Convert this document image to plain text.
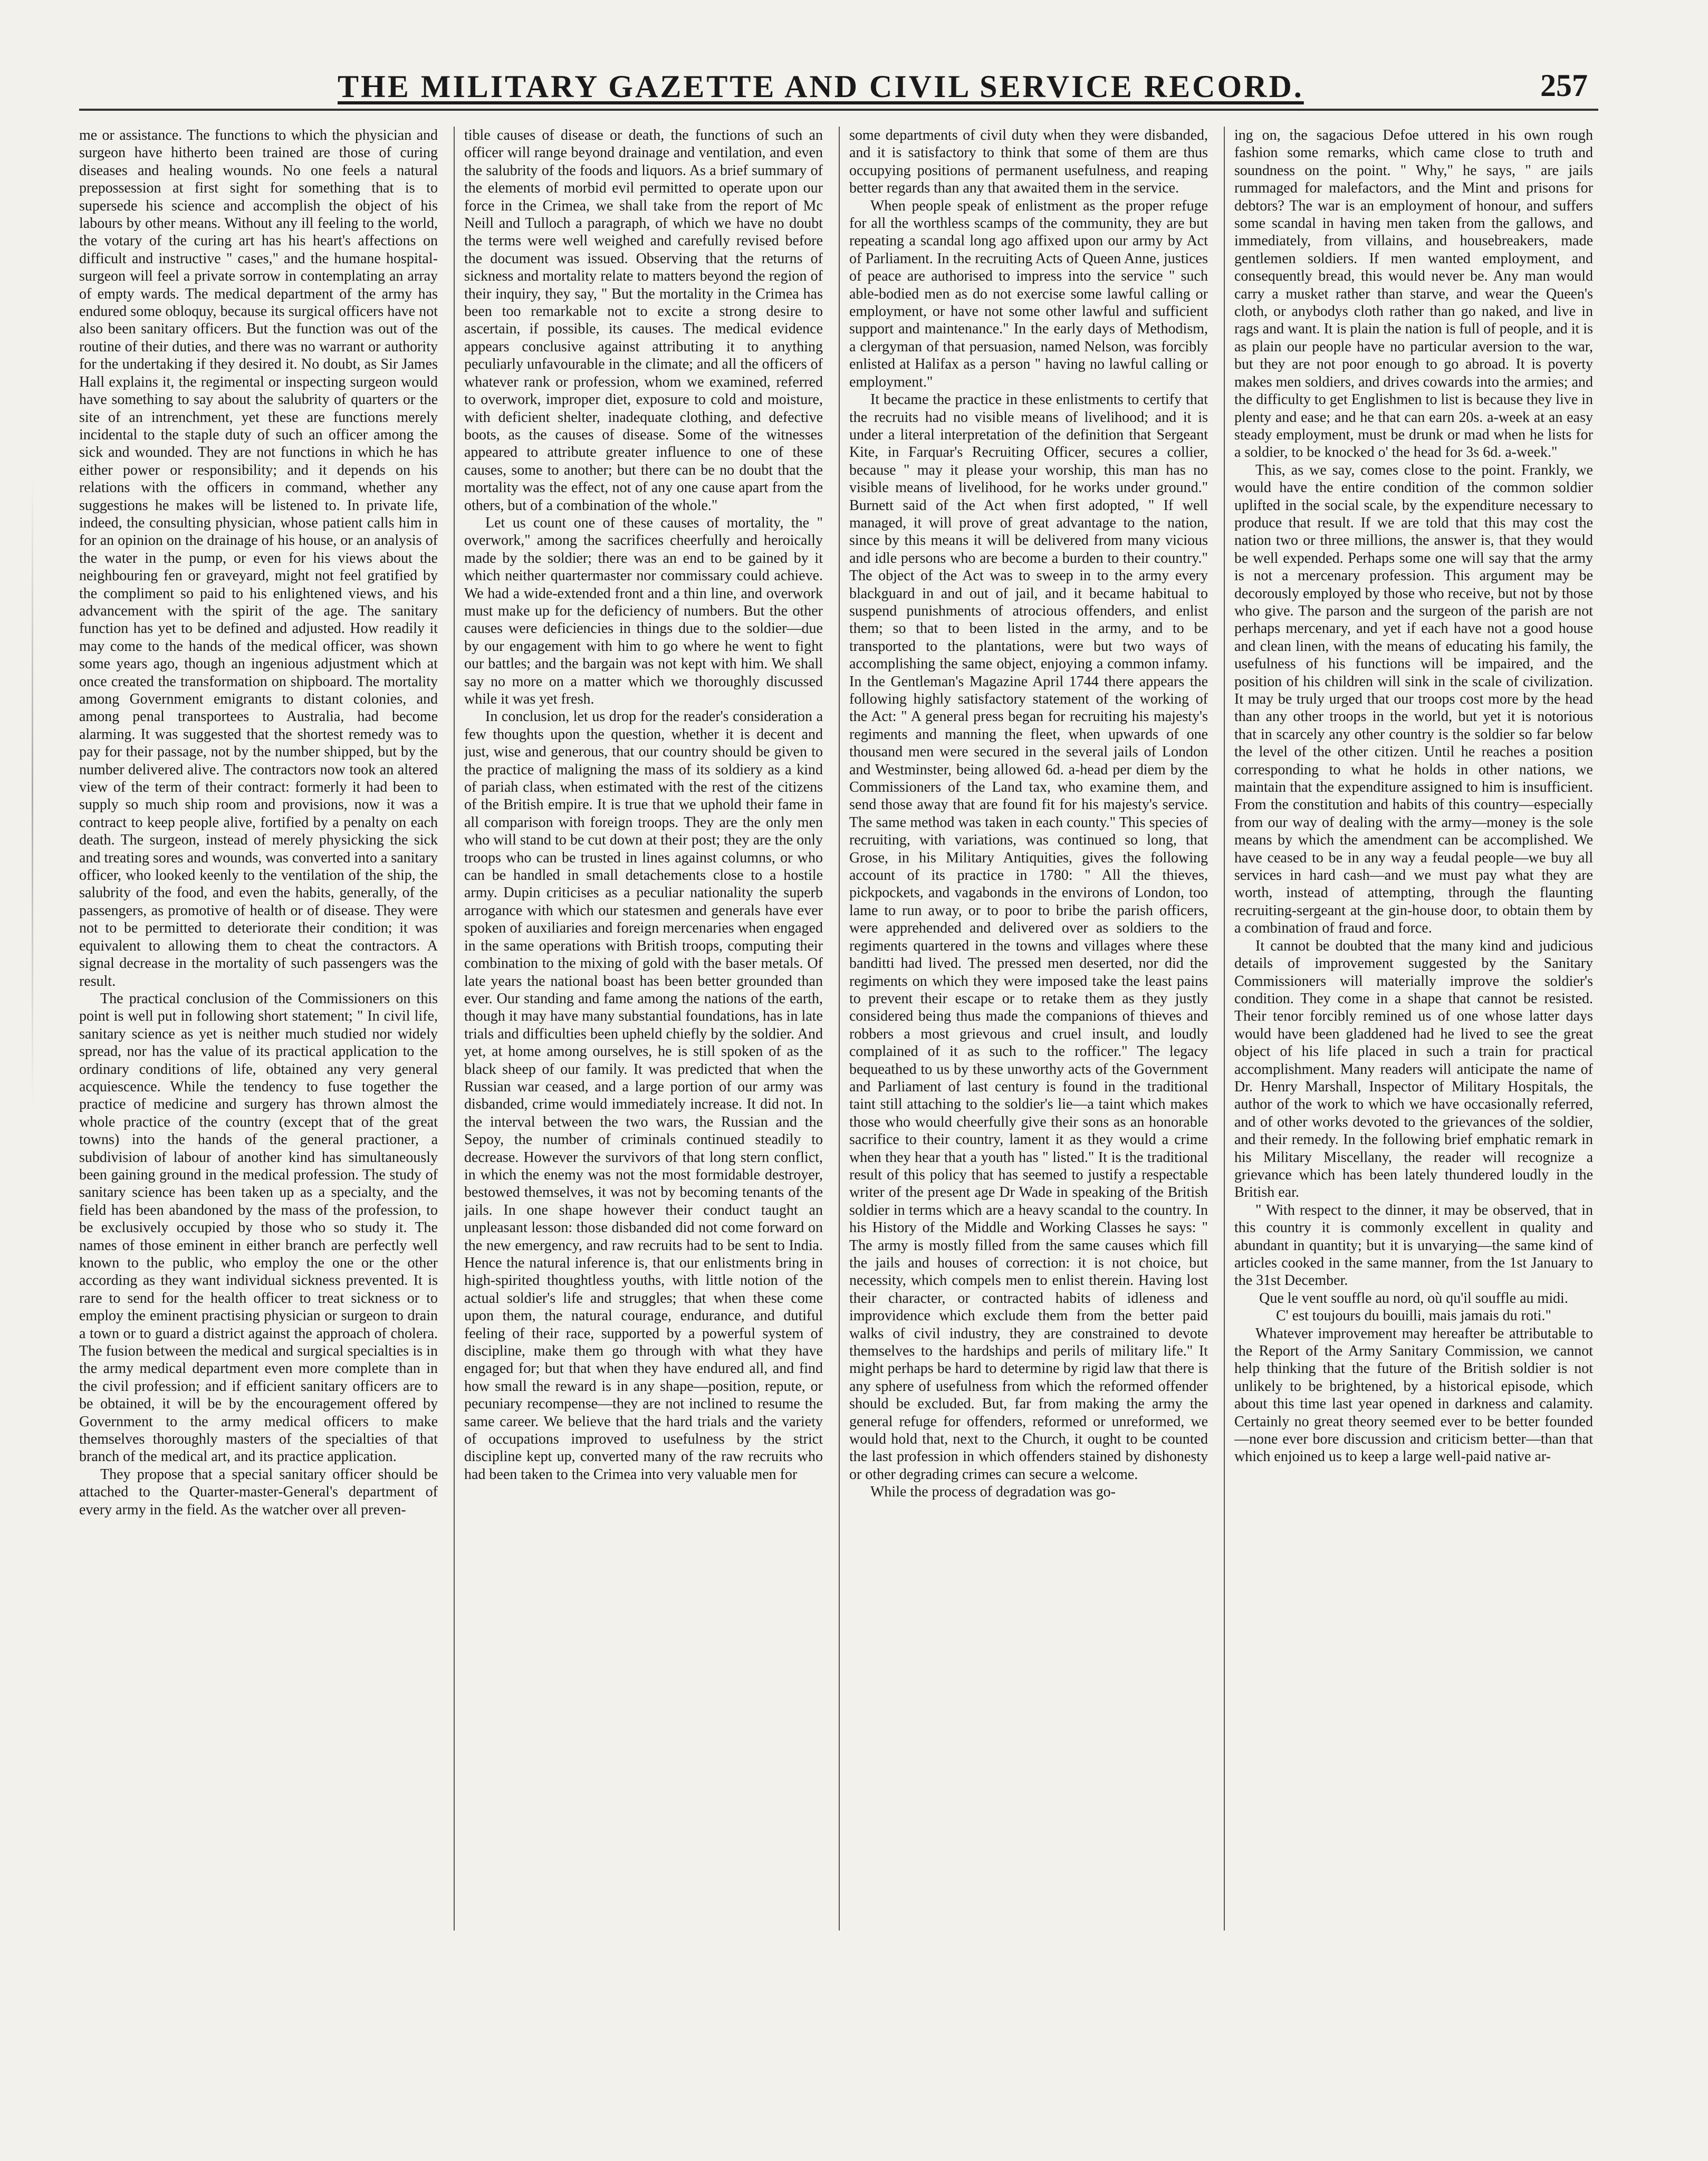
THE MILITARY GAZETTE AND CIVIL SERVICE RECORD.	257

me or assistance. The functions to which the physician and surgeon have hitherto been trained are those of curing diseases and healing wounds. No one feels a natural prepossession at first sight for something that is to supersede his science and accomplish the object of his labours by other means. Without any ill feeling to the world, the votary of the curing art has his heart's affections on difficult and instructive " cases," and the humane hospital-surgeon will feel a private sorrow in contemplating an array of empty wards. The medical department of the army has endured some obloquy, because its surgical officers have not also been sanitary officers. But the function was out of the routine of their duties, and there was no warrant or authority for the undertaking if they desired it. No doubt, as Sir James Hall explains it, the regimental or inspecting surgeon would have something to say about the salubrity of quarters or the site of an intrenchment, yet these are functions merely incidental to the staple duty of such an officer among the sick and wounded. They are not functions in which he has either power or responsibility; and it depends on his relations with the officers in command, whether any suggestions he makes will be listened to. In private life, indeed, the consulting physician, whose patient calls him in for an opinion on the drainage of his house, or an analysis of the water in the pump, or even for his views about the neighbouring fen or graveyard, might not feel gratified by the compliment so paid to his enlightened views, and his advancement with the spirit of the age. The sanitary function has yet to be defined and adjusted. How readily it may come to the hands of the medical officer, was shown some years ago, though an ingenious adjustment which at once created the transformation on shipboard. The mortality among Government emigrants to distant colonies, and among penal transportees to Australia, had become alarming. It was suggested that the shortest remedy was to pay for their passage, not by the number shipped, but by the number delivered alive. The contractors now took an altered view of the term of their contract: formerly it had been to supply so much ship room and provisions, now it was a contract to keep people alive, fortified by a penalty on each death. The surgeon, instead of merely physicking the sick and treating sores and wounds, was converted into a sanitary officer, who looked keenly to the ventilation of the ship, the salubrity of the food, and even the habits, generally, of the passengers, as promotive of health or of disease. They were not to be permitted to deteriorate their condition; it was equivalent to allowing them to cheat the contractors. A signal decrease in the mortality of such passengers was the result.

The practical conclusion of the Commissioners on this point is well put in following short statement; " In civil life, sanitary science as yet is neither much studied nor widely spread, nor has the value of its practical application to the ordinary conditions of life, obtained any very general acquiescence. While the tendency to fuse together the practice of medicine and surgery has thrown almost the whole practice of the country (except that of the great towns) into the hands of the general practioner, a subdivision of labour of another kind has simultaneously been gaining ground in the medical profession. The study of sanitary science has been taken up as a specialty, and the field has been abandoned by the mass of the profession, to be exclusively occupied by those who so study it. The names of those eminent in either branch are perfectly well known to the public, who employ the one or the other according as they want individual sickness prevented. It is rare to send for the health officer to treat sickness or to employ the eminent practising physician or surgeon to drain a town or to guard a district against the approach of cholera. The fusion between the medical and surgical specialties is in the army medical department even more complete than in the civil profession; and if efficient sanitary officers are to be obtained, it will be by the encouragement offered by Government to the army medical officers to make themselves thoroughly masters of the specialties of that branch of the medical art, and its practice application.

They propose that a special sanitary officer should be attached to the Quarter-master-General's department of every army in the field. As the watcher over all preven-

tible causes of disease or death, the functions of such an officer will range beyond drainage and ventilation, and even the salubrity of the foods and liquors. As a brief summary of the elements of morbid evil permitted to operate upon our force in the Crimea, we shall take from the report of Mc Neill and Tulloch a paragraph, of which we have no doubt the terms were well weighed and carefully revised before the document was issued. Observing that the returns of sickness and mortality relate to matters beyond the region of their inquiry, they say, " But the mortality in the Crimea has been too remarkable not to excite a strong desire to ascertain, if possible, its causes. The medical evidence appears conclusive against attributing it to anything peculiarly unfavourable in the climate; and all the officers of whatever rank or profession, whom we examined, referred to overwork, improper diet, exposure to cold and moisture, with deficient shelter, inadequate clothing, and defective boots, as the causes of disease. Some of the witnesses appeared to attribute greater influence to one of these causes, some to another; but there can be no doubt that the mortality was the effect, not of any one cause apart from the others, but of a combination of the whole."

Let us count one of these causes of mortality, the " overwork," among the sacrifices cheerfully and heroically made by the soldier; there was an end to be gained by it which neither quartermaster nor commissary could achieve. We had a wide-extended front and a thin line, and overwork must make up for the deficiency of numbers. But the other causes were deficiencies in things due to the soldier—due by our engagement with him to go where he went to fight our battles; and the bargain was not kept with him. We shall say no more on a matter which we thoroughly discussed while it was yet fresh.

In conclusion, let us drop for the reader's consideration a few thoughts upon the question, whether it is decent and just, wise and generous, that our country should be given to the practice of maligning the mass of its soldiery as a kind of pariah class, when estimated with the rest of the citizens of the British empire. It is true that we uphold their fame in all comparison with foreign troops. They are the only men who will stand to be cut down at their post; they are the only troops who can be trusted in lines against columns, or who can be handled in small detachements close to a hostile army. Dupin criticises as a peculiar nationality the superb arrogance with which our statesmen and generals have ever spoken of auxiliaries and foreign mercenaries when engaged in the same operations with British troops, computing their combination to the mixing of gold with the baser metals. Of late years the national boast has been better grounded than ever. Our standing and fame among the nations of the earth, though it may have many substantial foundations, has in late trials and difficulties been upheld chiefly by the soldier. And yet, at home among ourselves, he is still spoken of as the black sheep of our family. It was predicted that when the Russian war ceased, and a large portion of our army was disbanded, crime would immediately increase. It did not. In the interval between the two wars, the Russian and the Sepoy, the number of criminals continued steadily to decrease. However the survivors of that long stern conflict, in which the enemy was not the most formidable destroyer, bestowed themselves, it was not by becoming tenants of the jails. In one shape however their conduct taught an unpleasant lesson: those disbanded did not come forward on the new emergency, and raw recruits had to be sent to India. Hence the natural inference is, that our enlistments bring in high-spirited thoughtless youths, with little notion of the actual soldier's life and struggles; that when these come upon them, the natural courage, endurance, and dutiful feeling of their race, supported by a powerful system of discipline, make them go through with what they have engaged for; but that when they have endured all, and find how small the reward is in any shape—position, repute, or pecuniary recompense—they are not inclined to resume the same career. We believe that the hard trials and the variety of occupations improved to usefulness by the strict discipline kept up, converted many of the raw recruits who had been taken to the Crimea into very valuable men for

some departments of civil duty when they were disbanded, and it is satisfactory to think that some of them are thus occupying positions of permanent usefulness, and reaping better regards than any that awaited them in the service.

When people speak of enlistment as the proper refuge for all the worthless scamps of the community, they are but repeating a scandal long ago affixed upon our army by Act of Parliament. In the recruiting Acts of Queen Anne, justices of peace are authorised to impress into the service " such able-bodied men as do not exercise some lawful calling or employment, or have not some other lawful and sufficient support and maintenance." In the early days of Methodism, a clergyman of that persuasion, named Nelson, was forcibly enlisted at Halifax as a person " having no lawful calling or employment."

It became the practice in these enlistments to certify that the recruits had no visible means of livelihood; and it is under a literal interpretation of the definition that Sergeant Kite, in Farquar's Recruiting Officer, secures a collier, because " may it please your worship, this man has no visible means of livelihood, for he works under ground." Burnett said of the Act when first adopted, " If well managed, it will prove of great advantage to the nation, since by this means it will be delivered from many vicious and idle persons who are become a burden to their country." The object of the Act was to sweep in to the army every blackguard in and out of jail, and it became habitual to suspend punishments of atrocious offenders, and enlist them; so that to been listed in the army, and to be transported to the plantations, were but two ways of accomplishing the same object, enjoying a common infamy. In the Gentleman's Magazine April 1744 there appears the following highly satisfactory statement of the working of the Act: " A general press began for recruiting his majesty's regiments and manning the fleet, when upwards of one thousand men were secured in the several jails of London and Westminster, being allowed 6d. a-head per diem by the Commissioners of the Land tax, who examine them, and send those away that are found fit for his majesty's service. The same method was taken in each county." This species of recruiting, with variations, was continued so long, that Grose, in his Military Antiquities, gives the following account of its practice in 1780: " All the thieves, pickpockets, and vagabonds in the environs of London, too lame to run away, or to poor to bribe the parish officers, were apprehended and delivered over as soldiers to the regiments quartered in the towns and villages where these banditti had lived. The pressed men deserted, nor did the regiments on which they were imposed take the least pains to prevent their escape or to retake them as they justly considered being thus made the companions of thieves and robbers a most grievous and cruel insult, and loudly complained of it as such to the rofficer." The legacy bequeathed to us by these unworthy acts of the Government and Parliament of last century is found in the traditional taint still attaching to the soldier's lie—a taint which makes those who would cheerfully give their sons as an honorable sacrifice to their country, lament it as they would a crime when they hear that a youth has " listed." It is the traditional result of this policy that has seemed to justify a respectable writer of the present age Dr Wade in speaking of the British soldier in terms which are a heavy scandal to the country. In his History of the Middle and Working Classes he says: " The army is mostly filled from the same causes which fill the jails and houses of correction: it is not choice, but necessity, which compels men to enlist therein. Having lost their character, or contracted habits of idleness and improvidence which exclude them from the better paid walks of civil industry, they are constrained to devote themselves to the hardships and perils of military life." It might perhaps be hard to determine by rigid law that there is any sphere of usefulness from which the reformed offender should be excluded. But, far from making the army the general refuge for offenders, reformed or unreformed, we would hold that, next to the Church, it ought to be counted the last profession in which offenders stained by dishonesty or other degrading crimes can secure a welcome.

While the process of degradation was go-

ing on, the sagacious Defoe uttered in his own rough fashion some remarks, which came close to truth and soundness on the point. " Why," he says, " are jails rummaged for malefactors, and the Mint and prisons for debtors? The war is an employment of honour, and suffers some scandal in having men taken from the gallows, and immediately, from villains, and housebreakers, made gentlemen soldiers. If men wanted employment, and consequently bread, this would never be. Any man would carry a musket rather than starve, and wear the Queen's cloth, or anybodys cloth rather than go naked, and live in rags and want. It is plain the nation is full of people, and it is as plain our people have no particular aversion to the war, but they are not poor enough to go abroad. It is poverty makes men soldiers, and drives cowards into the armies; and the difficulty to get Englishmen to list is because they live in plenty and ease; and he that can earn 20s. a-week at an easy steady employment, must be drunk or mad when he lists for a soldier, to be knocked o' the head for 3s 6d. a-week."

This, as we say, comes close to the point. Frankly, we would have the entire condition of the common soldier uplifted in the social scale, by the expenditure necessary to produce that result. If we are told that this may cost the nation two or three millions, the answer is, that they would be well expended. Perhaps some one will say that the army is not a mercenary profession. This argument may be decorously employed by those who receive, but not by those who give. The parson and the surgeon of the parish are not perhaps mercenary, and yet if each have not a good house and clean linen, with the means of educating his family, the usefulness of his functions will be impaired, and the position of his children will sink in the scale of civilization. It may be truly urged that our troops cost more by the head than any other troops in the world, but yet it is notorious that in scarcely any other country is the soldier so far below the level of the other citizen. Until he reaches a position corresponding to what he holds in other nations, we maintain that the expenditure assigned to him is insufficient. From the constitution and habits of this country—especially from our way of dealing with the army—money is the sole means by which the amendment can be accomplished. We have ceased to be in any way a feudal people—we buy all services in hard cash—and we must pay what they are worth, instead of attempting, through the flaunting recruiting-sergeant at the gin-house door, to obtain them by a combination of fraud and force.

It cannot be doubted that the many kind and judicious details of improvement suggested by the Sanitary Commissioners will materially improve the soldier's condition. They come in a shape that cannot be resisted. Their tenor forcibly remined us of one whose latter days would have been gladdened had he lived to see the great object of his life placed in such a train for practical accomplishment. Many readers will anticipate the name of Dr. Henry Marshall, Inspector of Military Hospitals, the author of the work to which we have occasionally referred, and of other works devoted to the grievances of the soldier, and their remedy. In the following brief emphatic remark in his Military Miscellany, the reader will recognize a grievance which has been lately thundered loudly in the British ear.

" With respect to the dinner, it may be observed, that in this country it is commonly excellent in quality and abundant in quantity; but it is unvarying—the same kind of articles cooked in the same manner, from the 1st January to the 31st December.

Que le vent souffle au nord, où qu'il souffle au midi.

C' est toujours du bouilli, mais jamais du roti."

Whatever improvement may hereafter be attributable to the Report of the Army Sanitary Commission, we cannot help thinking that the future of the British soldier is not unlikely to be brightened, by a historical episode, which about this time last year opened in darkness and calamity. Certainly no great theory seemed ever to be better founded—none ever bore discussion and criticism better—than that which enjoined us to keep a large well-paid native ar-
